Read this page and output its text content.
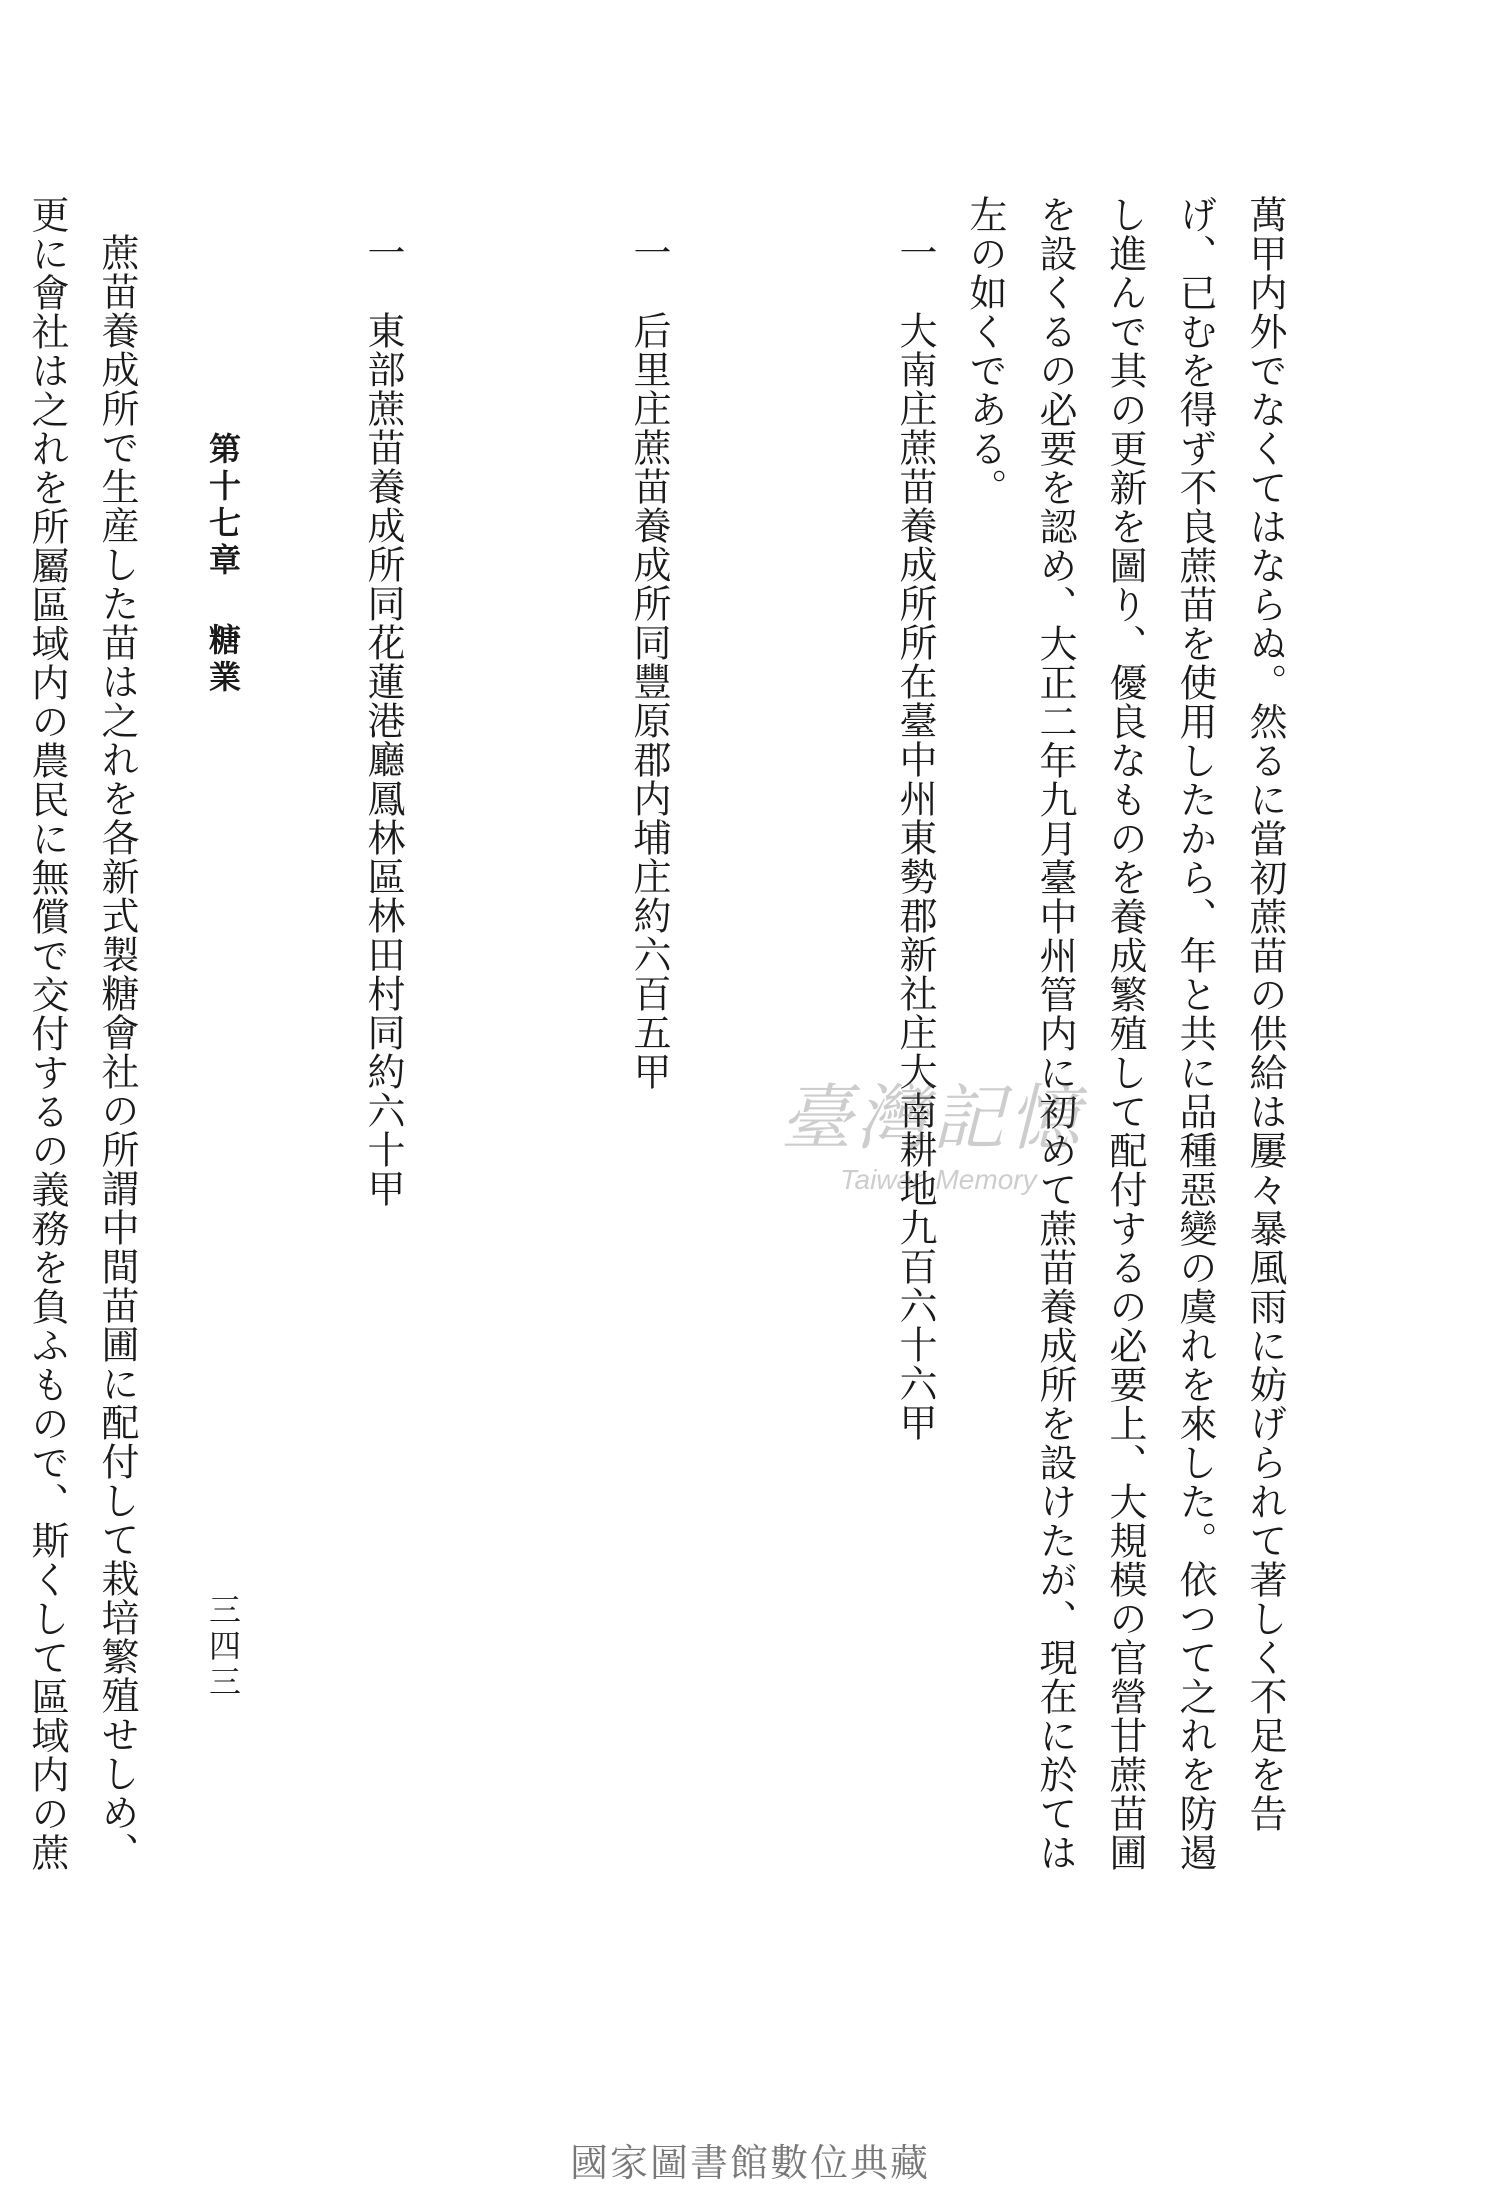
萬甲内外でなくてはならぬ。然るに當初蔗苗の供給は屢々暴風雨に妨げられて著しく不足を告げ、已むを得ず不良蔗苗を使用したから、年と共に品種惡變の虞れを來した。依つて之れを防遏し進んで其の更新を圖り、優良なものを養成繁殖して配付するの必要上、大規模の官營甘蔗苗圃を設くるの必要を認め、大正二年九月臺中州管内に初めて蔗苗養成所を設けたが、現在に於ては左の如くである。

一　大南庄蔗苗養成所所在臺中州東勢郡新社庄大南耕地九百六十六甲

一　后里庄蔗苗養成所同豐原郡内埔庄約六百五甲

一　東部蔗苗養成所同花蓮港廳鳳林區林田村同約六十甲

蔗苗養成所で生産した苗は之れを各新式製糖會社の所謂中間苗圃に配付して栽培繁殖せしめ、更に會社は之れを所屬區域内の農民に無償で交付するの義務を負ふもので、斯くして區域内の蔗

第十七章 糖業
三四三
臺灣記憶
Taiwan Memory
國家圖書館數位典藏
